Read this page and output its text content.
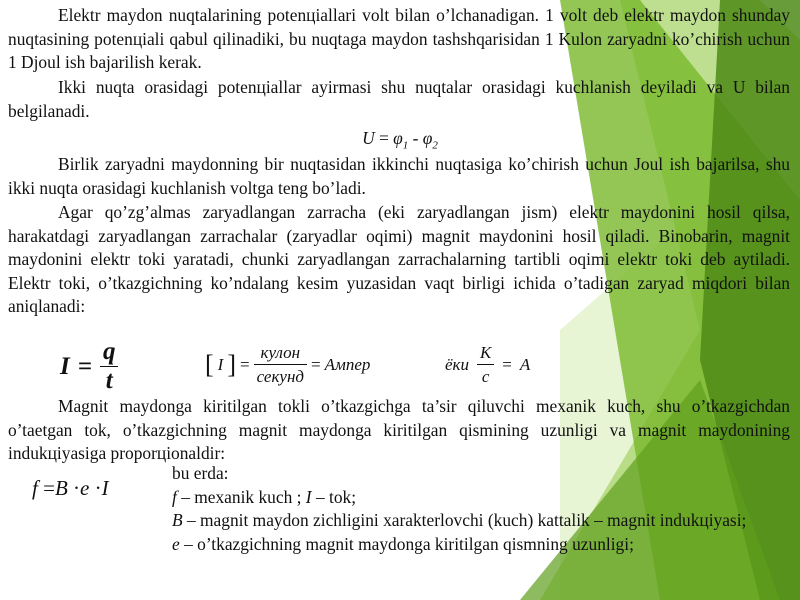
Elektr maydon nuqtalarining potenцiallari volt bilan o’lchanadigan. 1 volt deb elektr maydon shunday nuqtasining potenцiali qabul qilinadiki, bu nuqtaga maydon tashshqarisidan 1 Kulon zaryadni ko’chirish uchun 1 Djoul ish bajarilish kerak.

Ikki nuqta orasidagi potenцiallar ayirmasi shu nuqtalar orasidagi kuchlanish deyiladi va U bilan belgilanadi.

$U = \varphi_1 - \varphi_2$

Birlik zaryadni maydonning bir nuqtasidan ikkinchi nuqtasiga ko’chirish uchun Joul ish bajarilsa, shu ikki nuqta orasidagi kuchlanish voltga teng bo’ladi.

Agar qo’zg’almas zaryadlangan zarracha (eki zaryadlangan jism) elektr maydonini hosil qilsa, harakatdagi zaryadlangan zarrachalar (zaryadlar oqimi) magnit maydonini hosil qiladi. Binobarin, magnit maydonini elektr toki yaratadi, chunki zaryadlangan zarrachalarning tartibli oqimi elektr toki deb aytiladi. Elektr toki, o’tkazgichning ko’ndalang kesim yuzasidan vaqt birligi ichida o’tadigan zaryad miqdori bilan aniqlanadi:

$I = \frac{q}{t}$	[ I ] = $\frac{\text{кулон}}{\text{секунд}}$ = Ампер	ёки $\frac{К}{с} = А$

Magnit maydonga kiritilgan tokli o’tkazgichga ta’sir qiluvchi mexanik kuch, shu o’tkazgichdan o’taetgan tok, o’tkazgichning magnit maydonga kiritilgan qismining uzunligi va magnit maydonining indukцiyasiga proporцionaldir:

f =B ·e ·I
bu erda:
f – mexanik kuch ; I – tok;
B – magnit maydon zichligini xarakterlovchi (kuch) kattalik – magnit indukцiyasi;
e – o’tkazgichning magnit maydonga kiritilgan qismning uzunligi;
